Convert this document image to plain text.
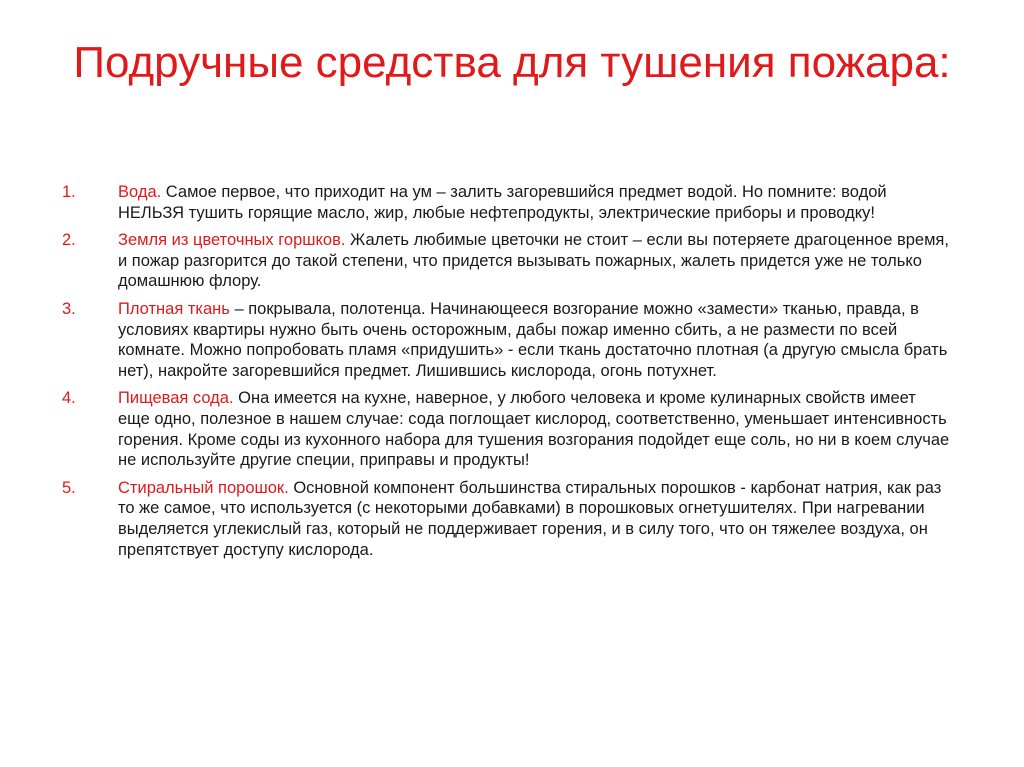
Подручные средства для тушения пожара:
1.	Вода. Самое первое, что приходит на ум – залить загоревшийся предмет водой. Но помните: водой НЕЛЬЗЯ тушить горящие масло, жир, любые нефтепродукты, электрические приборы и проводку!
2.	Земля из цветочных горшков. Жалеть любимые цветочки не стоит – если вы потеряете драгоценное время, и пожар разгорится до такой степени, что придется вызывать пожарных, жалеть придется уже не только домашнюю флору.
3.	Плотная ткань – покрывала, полотенца. Начинающееся возгорание можно «замести» тканью, правда, в условиях квартиры нужно быть очень осторожным, дабы пожар именно сбить, а не размести по всей комнате. Можно попробовать пламя «придушить» - если ткань достаточно плотная (а другую смысла брать нет), накройте загоревшийся предмет. Лишившись кислорода, огонь потухнет.
4.	Пищевая сода. Она имеется на кухне, наверное, у любого человека и кроме кулинарных свойств имеет еще одно, полезное в нашем случае: сода поглощает кислород, соответственно, уменьшает интенсивность горения. Кроме соды из кухонного набора для тушения возгорания подойдет еще соль, но ни в коем случае не используйте другие специи, приправы и продукты!
5.	Стиральный порошок. Основной компонент большинства стиральных порошков - карбонат натрия, как раз то же самое, что используется (с некоторыми добавками) в порошковых огнетушителях. При нагревании выделяется углекислый газ, который не поддерживает горения, и в силу того, что он тяжелее воздуха, он препятствует доступу кислорода.
